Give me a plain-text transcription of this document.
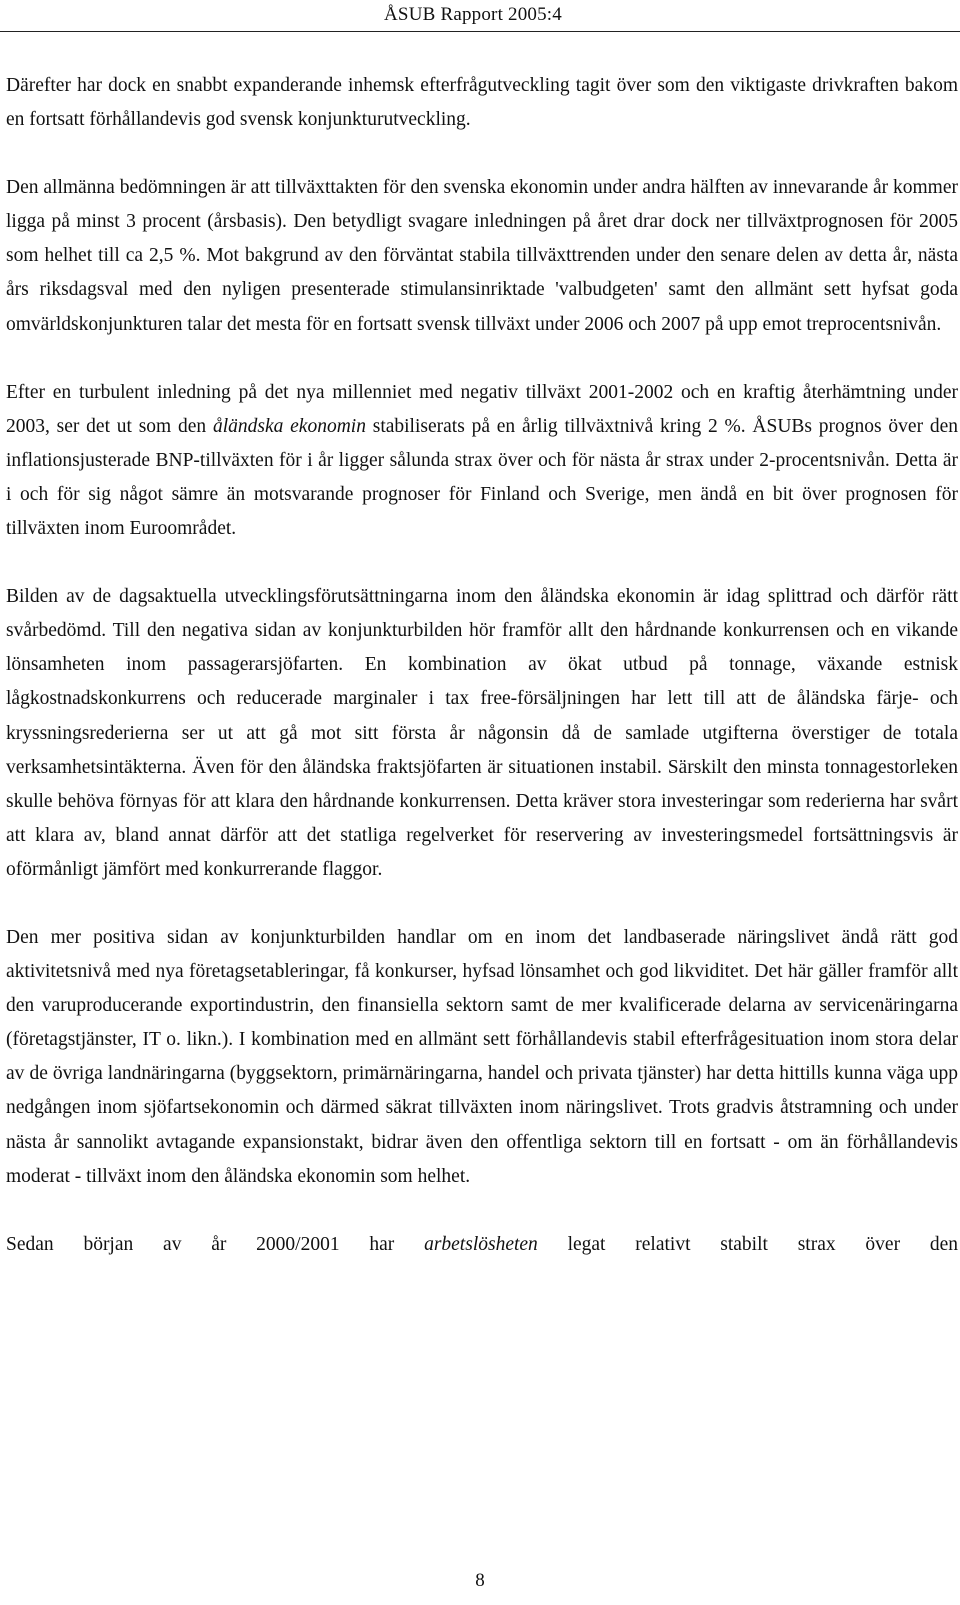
ÅSUB Rapport 2005:4

Därefter har dock en snabbt expanderande inhemsk efterfrågutveckling tagit över som den viktigaste drivkraften bakom en fortsatt förhållandevis god svensk konjunkturutveckling.

Den allmänna bedömningen är att tillväxttakten för den svenska ekonomin under andra hälften av innevarande år kommer ligga på minst 3 procent (årsbasis). Den betydligt svagare inledningen på året drar dock ner tillväxtprognosen för 2005 som helhet till ca 2,5 %. Mot bakgrund av den förväntat stabila tillväxttrenden under den senare delen av detta år, nästa års riksdagsval med den nyligen presenterade stimulansinriktade 'valbudgeten' samt den allmänt sett hyfsat goda omvärldskonjunkturen talar det mesta för en fortsatt svensk tillväxt under 2006 och 2007 på upp emot treprocentsnivån.

Efter en turbulent inledning på det nya millenniet med negativ tillväxt 2001-2002 och en kraftig återhämtning under 2003, ser det ut som den åländska ekonomin stabiliserats på en årlig tillväxtnivå kring 2 %. ÅSUBs prognos över den inflationsjusterade BNP-tillväxten för i år ligger sålunda strax över och för nästa år strax under 2-procentsnivån. Detta är i och för sig något sämre än motsvarande prognoser för Finland och Sverige, men ändå en bit över prognosen för tillväxten inom Euroområdet.

Bilden av de dagsaktuella utvecklingsförutsättningarna inom den åländska ekonomin är idag splittrad och därför rätt svårbedömd. Till den negativa sidan av konjunkturbilden hör framför allt den hårdnande konkurrensen och en vikande lönsamheten inom passagerarsjöfarten. En kombination av ökat utbud på tonnage, växande estnisk lågkostnadskonkurrens och reducerade marginaler i tax free-försäljningen har lett till att de åländska färje- och kryssningsrederierna ser ut att gå mot sitt första år någonsin då de samlade utgifterna överstiger de totala verksamhetsintäkterna. Även för den åländska fraktsjöfarten är situationen instabil. Särskilt den minsta tonnagestorleken skulle behöva förnyas för att klara den hårdnande konkurrensen. Detta kräver stora investeringar som rederierna har svårt att klara av, bland annat därför att det statliga regelverket för reservering av investeringsmedel fortsättningsvis är oförmånligt jämfört med konkurrerande flaggor.

Den mer positiva sidan av konjunkturbilden handlar om en inom det landbaserade näringslivet ändå rätt god aktivitetsnivå med nya företagsetableringar, få konkurser, hyfsad lönsamhet och god likviditet. Det här gäller framför allt den varuproducerande exportindustrin, den finansiella sektorn samt de mer kvalificerade delarna av servicenäringarna (företagstjänster, IT o. likn.). I kombination med en allmänt sett förhållandevis stabil efterfrågesituation inom stora delar av de övriga landnäringarna (byggsektorn, primärnäringarna, handel och privata tjänster) har detta hittills kunna väga upp nedgången inom sjöfartsekonomin och därmed säkrat tillväxten inom näringslivet. Trots gradvis åtstramning och under nästa år sannolikt avtagande expansionstakt, bidrar även den offentliga sektorn till en fortsatt - om än förhållandevis moderat - tillväxt inom den åländska ekonomin som helhet.

Sedan början av år 2000/2001 har arbetslösheten legat relativt stabilt strax över den

8
